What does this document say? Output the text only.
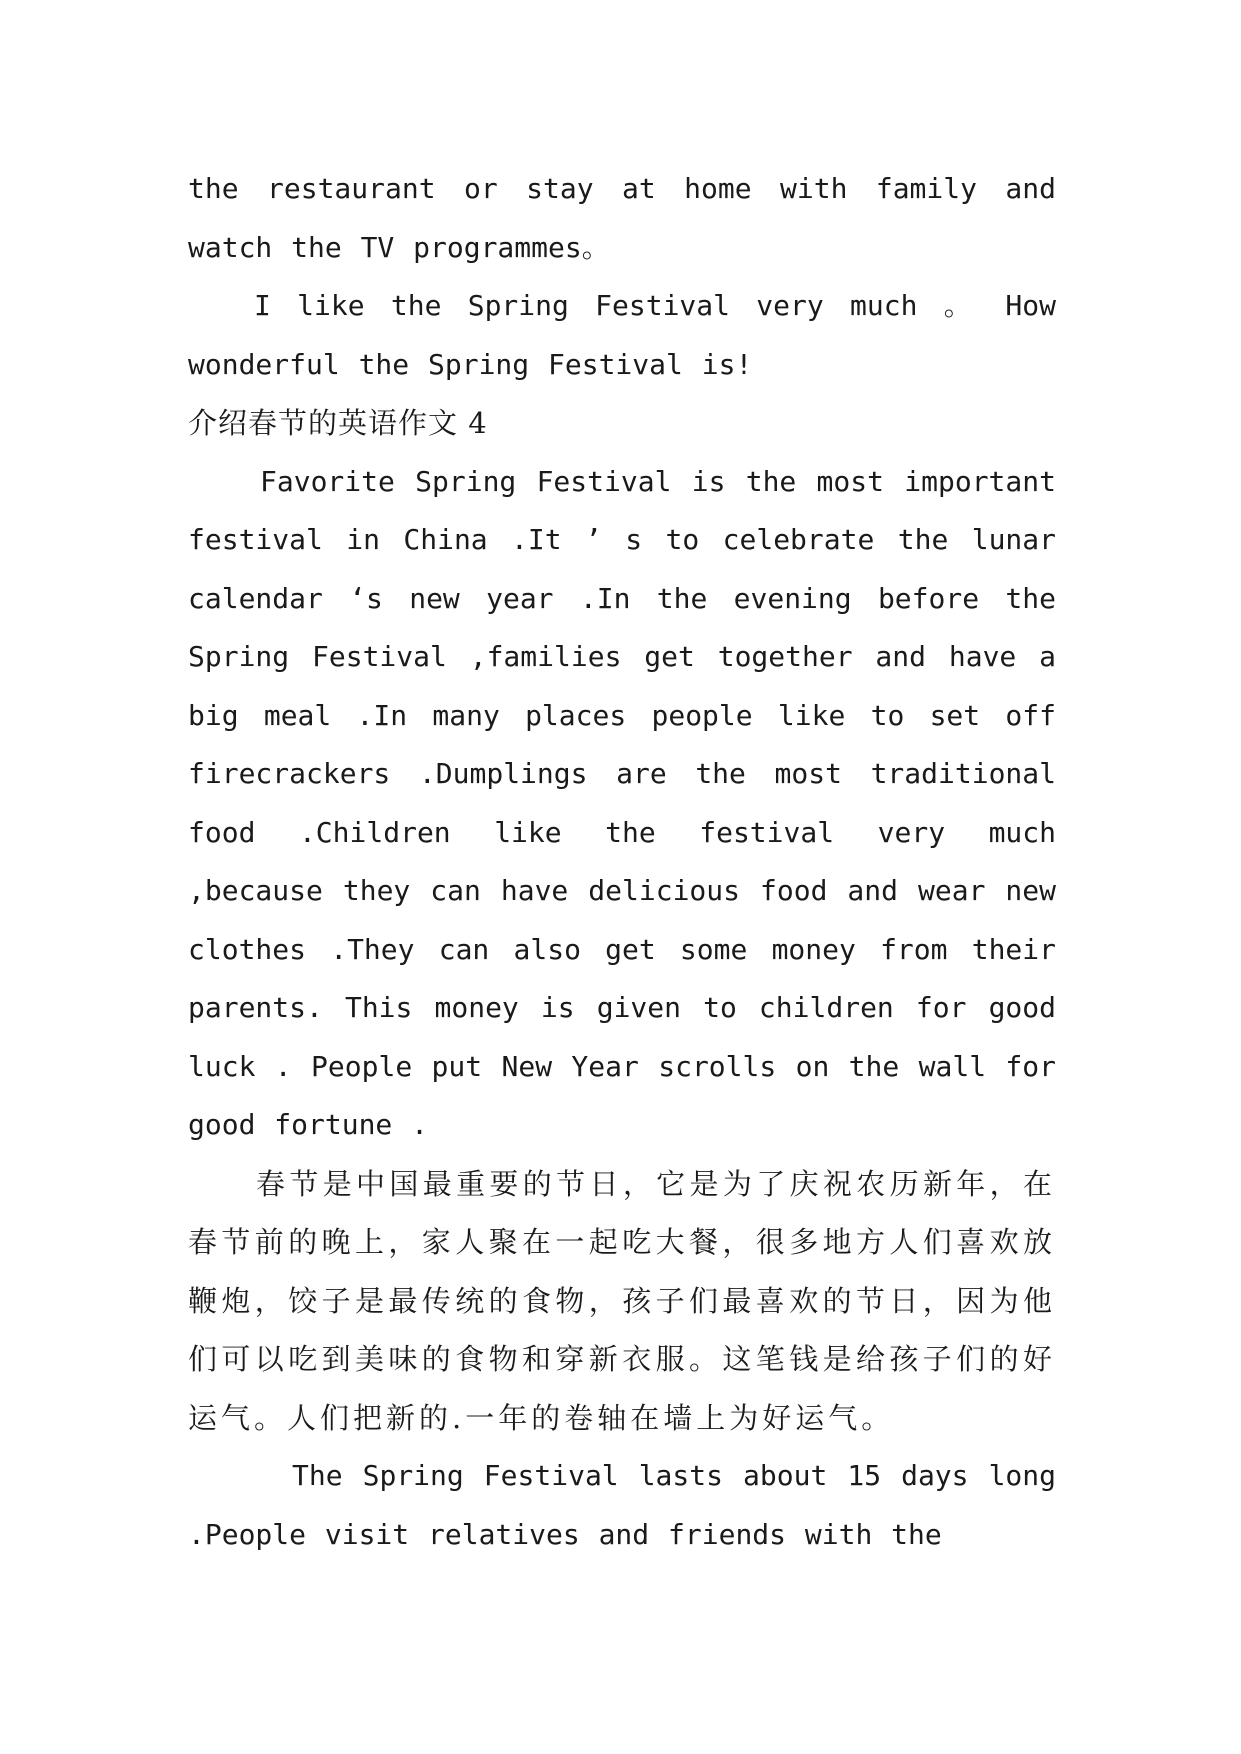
the restaurant or stay at home with family and watch the TV programmes。

I like the Spring Festival very much 。 How wonderful the Spring Festival is!

介绍春节的英语作文 4

Favorite Spring Festival is the most important festival in China .It ’ s to celebrate the lunar calendar ‘s new year .In the evening before the Spring Festival ,families get together and have a big meal .In many places people like to set off firecrackers .Dumplings are the most traditional food .Children like the festival very much ,because they can have delicious food and wear new clothes .They can also get some money from their parents. This money is given to children for good luck . People put New Year scrolls on the wall for good fortune .

春节是中国最重要的节日，它是为了庆祝农历新年，在春节前的晚上，家人聚在一起吃大餐，很多地方人们喜欢放鞭炮，饺子是最传统的食物，孩子们最喜欢的节日，因为他们可以吃到美味的食物和穿新衣服。这笔钱是给孩子们的好运气。人们把新的.一年的卷轴在墙上为好运气。

The Spring Festival lasts about 15 days long .People visit relatives and friends with the
